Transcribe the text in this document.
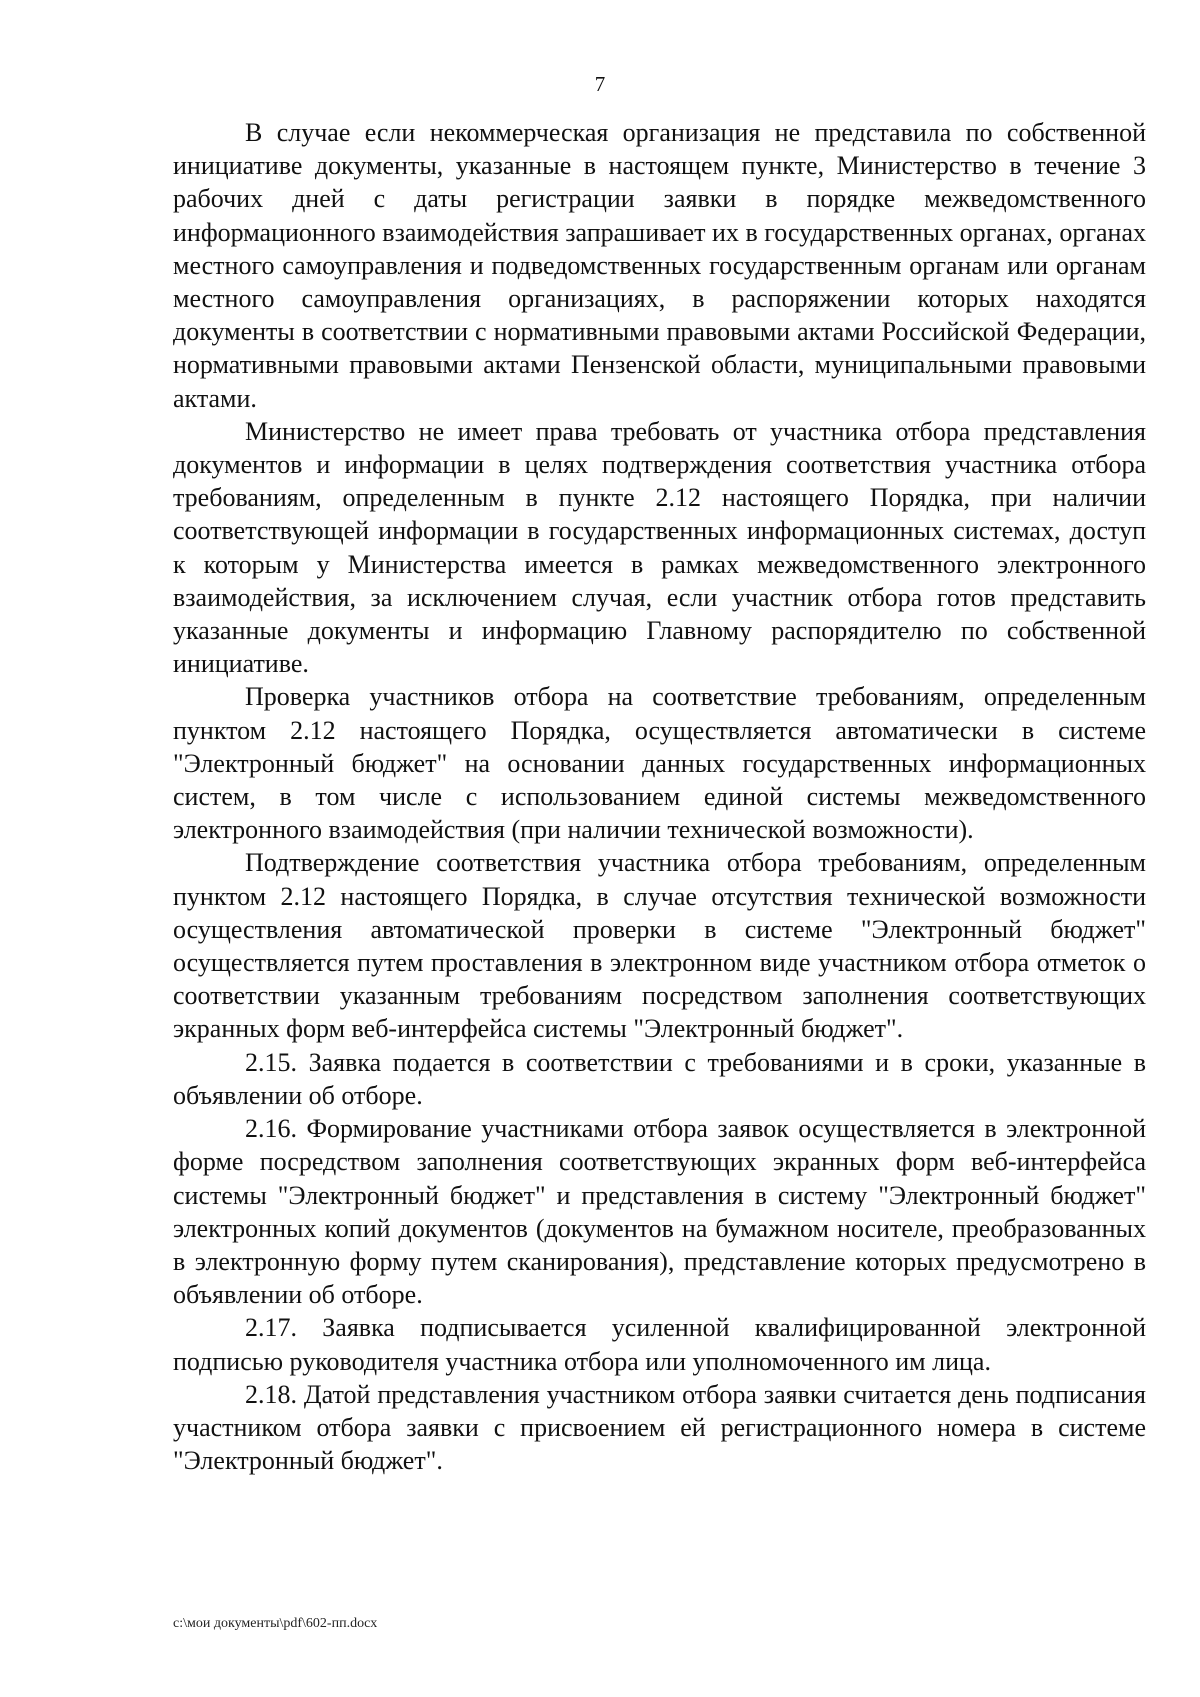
7

В случае если некоммерческая организация не представила по собственной инициативе документы, указанные в настоящем пункте, Министерство в течение 3 рабочих дней с даты регистрации заявки в порядке межведомственного информационного взаимодействия запрашивает их в государственных органах, органах местного самоуправления и подведомственных государственным органам или органам местного самоуправления организациях, в распоряжении которых находятся документы в соответствии с нормативными правовыми актами Российской Федерации, нормативными правовыми актами Пензенской области, муниципальными правовыми актами.

Министерство не имеет права требовать от участника отбора представления документов и информации в целях подтверждения соответствия участника отбора требованиям, определенным в пункте 2.12 настоящего Порядка, при наличии соответствующей информации в государственных информационных системах, доступ к которым у Министерства имеется в рамках межведомственного электронного взаимодействия, за исключением случая, если участник отбора готов представить указанные документы и информацию Главному распорядителю по собственной инициативе.

Проверка участников отбора на соответствие требованиям, определенным пунктом 2.12 настоящего Порядка, осуществляется автоматически в системе "Электронный бюджет" на основании данных государственных информационных систем, в том числе с использованием единой системы межведомственного электронного взаимодействия (при наличии технической возможности).

Подтверждение соответствия участника отбора требованиям, определенным пунктом 2.12 настоящего Порядка, в случае отсутствия технической возможности осуществления автоматической проверки в системе "Электронный бюджет" осуществляется путем проставления в электронном виде участником отбора отметок о соответствии указанным требованиям посредством заполнения соответствующих экранных форм веб-интерфейса системы "Электронный бюджет".

2.15. Заявка подается в соответствии с требованиями и в сроки, указанные в объявлении об отборе.

2.16. Формирование участниками отбора заявок осуществляется в электронной форме посредством заполнения соответствующих экранных форм веб-интерфейса системы "Электронный бюджет" и представления в систему "Электронный бюджет" электронных копий документов (документов на бумажном носителе, преобразованных в электронную форму путем сканирования), представление которых предусмотрено в объявлении об отборе.

2.17. Заявка подписывается усиленной квалифицированной электронной подписью руководителя участника отбора или уполномоченного им лица.

2.18. Датой представления участником отбора заявки считается день подписания участником отбора заявки с присвоением ей регистрационного номера в системе "Электронный бюджет".

c:\мои документы\pdf\602-пп.docx
